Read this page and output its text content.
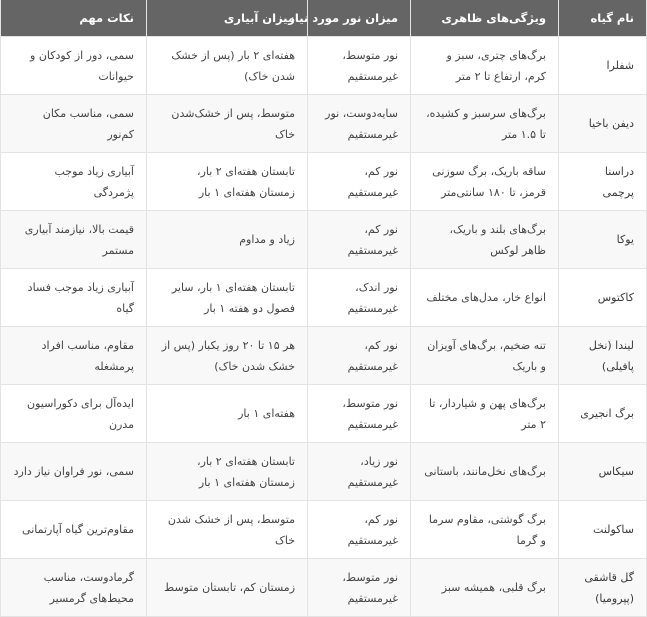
نام گیاه	ویژگی‌های ظاهری	میزان نور مورد نیاز	میزان آبیاری	نکات مهم
شفلرا	برگ‌های چتری، سبز و کرم، ارتفاع تا ۲ متر	نور متوسط، غیرمستقیم	هفته‌ای ۲ بار (پس از خشک شدن خاک)	سمی، دور از کودکان و حیوانات
دیفن باخیا	برگ‌های سرسبز و کشیده، تا ۱.۵ متر	سایه‌دوست، نور غیرمستقیم	متوسط، پس از خشک‌شدن خاک	سمی، مناسب مکان کم‌نور
دراسنا پرچمی	ساقه باریک، برگ سوزنی قرمز، تا ۱۸۰ سانتی‌متر	نور کم، غیرمستقیم	تابستان هفته‌ای ۲ بار، زمستان هفته‌ای ۱ بار	آبیاری زیاد موجب پژمردگی
یوکا	برگ‌های بلند و باریک، ظاهر لوکس	نور کم، غیرمستقیم	زیاد و مداوم	قیمت بالا، نیازمند آبیاری مستمر
کاکتوس	انواع خار، مدل‌های مختلف	نور اندک، غیرمستقیم	تابستان هفته‌ای ۱ بار، سایر فصول دو هفته ۱ بار	آبیاری زیاد موجب فساد گیاه
لیندا (نخل پافیلی)	تنه ضخیم، برگ‌های آویزان و باریک	نور کم، غیرمستقیم	هر ۱۵ تا ۲۰ روز یکبار (پس از خشک شدن خاک)	مقاوم، مناسب افراد پرمشغله
برگ انجیری	برگ‌های پهن و شیاردار، تا ۲ متر	نور متوسط، غیرمستقیم	هفته‌ای ۱ بار	ایده‌آل برای دکوراسیون مدرن
سیکاس	برگ‌های نخل‌مانند، باستانی	نور زیاد، غیرمستقیم	تابستان هفته‌ای ۲ بار، زمستان هفته‌ای ۱ بار	سمی، نور فراوان نیاز دارد
ساکولنت	برگ گوشتی، مقاوم سرما و گرما	نور کم، غیرمستقیم	متوسط، پس از خشک شدن خاک	مقاوم‌ترین گیاه آپارتمانی
گل قاشقی (پپرومیا)	برگ قلبی، همیشه سبز	نور متوسط، غیرمستقیم	زمستان کم، تابستان متوسط	گرمادوست، مناسب محیط‌های گرمسیر
